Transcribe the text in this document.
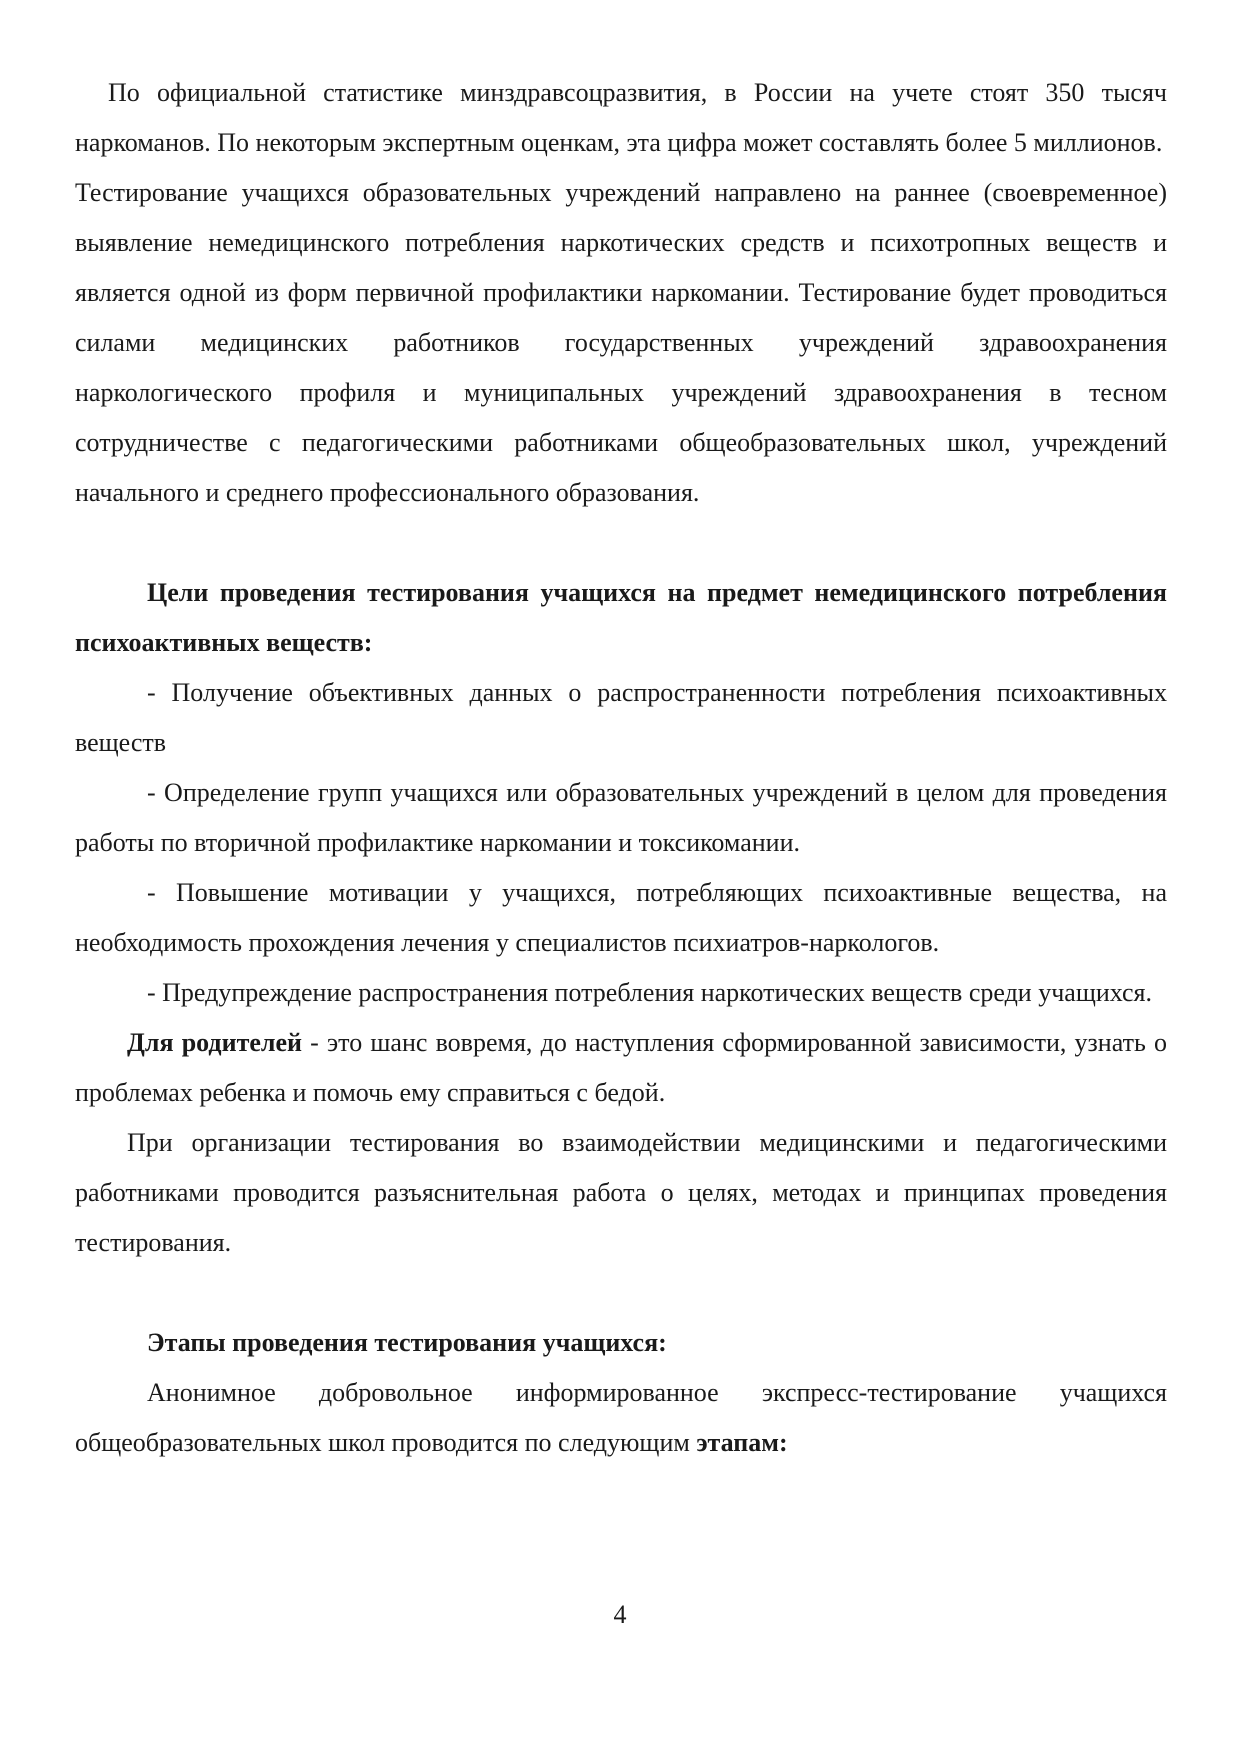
По официальной статистике минздравсоцразвития, в России на учете стоят 350 тысяч наркоманов. По некоторым экспертным оценкам, эта цифра может составлять более 5 миллионов.

Тестирование учащихся образовательных учреждений направлено на раннее (своевременное) выявление немедицинского потребления наркотических средств и психотропных веществ и является одной из форм первичной профилактики наркомании. Тестирование будет проводиться силами медицинских работников государственных учреждений здравоохранения наркологического профиля и муниципальных учреждений здравоохранения в тесном сотрудничестве с педагогическими работниками общеобразовательных школ, учреждений начального и среднего профессионального образования.

Цели проведения тестирования учащихся на предмет немедицинского потребления психоактивных веществ:

- Получение объективных данных о распространенности потребления психоактивных веществ

- Определение групп учащихся или образовательных учреждений в целом для проведения работы по вторичной профилактике наркомании и токсикомании.

- Повышение мотивации у учащихся, потребляющих психоактивные вещества, на необходимость прохождения лечения у специалистов психиатров-наркологов.

- Предупреждение распространения потребления наркотических веществ среди учащихся.

Для родителей - это шанс вовремя, до наступления сформированной зависимости, узнать о проблемах ребенка и помочь ему справиться с бедой.

При организации тестирования во взаимодействии медицинскими и педагогическими работниками проводится разъяснительная работа о целях, методах и принципах проведения тестирования.

Этапы проведения тестирования учащихся:

Анонимное добровольное информированное экспресс-тестирование учащихся общеобразовательных школ проводится по следующим этапам:

4
